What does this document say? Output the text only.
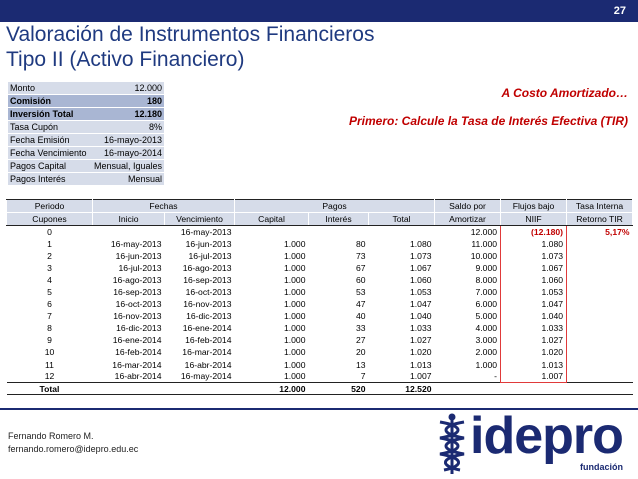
27
Valoración de Instrumentos Financieros
Tipo II (Activo Financiero)
Monto	12.000
Comisión	180
Inversión Total	12.180
Tasa Cupón	8%
Fecha Emisión	16-mayo-2013
Fecha Vencimiento	16-mayo-2014
Pagos Capital	Mensual, Iguales
Pagos Interés	Mensual
A Costo Amortizado…
Primero: Calcule la Tasa de Interés Efectiva (TIR)
Periodo	Fechas		Pagos			Saldo por	Flujos bajo	Tasa Interna
Cupones	Inicio	Vencimiento	Capital	Interés	Total	Amortizar	NIIF	Retorno TIR
0		16-may-2013				12.000	(12.180)	5,17%
1	16-may-2013	16-jun-2013	1.000	80	1.080	11.000	1.080	
2	16-jun-2013	16-jul-2013	1.000	73	1.073	10.000	1.073	
3	16-jul-2013	16-ago-2013	1.000	67	1.067	9.000	1.067	
4	16-ago-2013	16-sep-2013	1.000	60	1.060	8.000	1.060	
5	16-sep-2013	16-oct-2013	1.000	53	1.053	7.000	1.053	
6	16-oct-2013	16-nov-2013	1.000	47	1.047	6.000	1.047	
7	16-nov-2013	16-dic-2013	1.000	40	1.040	5.000	1.040	
8	16-dic-2013	16-ene-2014	1.000	33	1.033	4.000	1.033	
9	16-ene-2014	16-feb-2014	1.000	27	1.027	3.000	1.027	
10	16-feb-2014	16-mar-2014	1.000	20	1.020	2.000	1.020	
11	16-mar-2014	16-abr-2014	1.000	13	1.013	1.000	1.013	
12	16-abr-2014	16-may-2014	1.000	7	1.007	-	1.007	
Total			12.000	520	12.520			
Fernando Romero M.
fernando.romero@idepro.edu.ec	idepro
fundación
